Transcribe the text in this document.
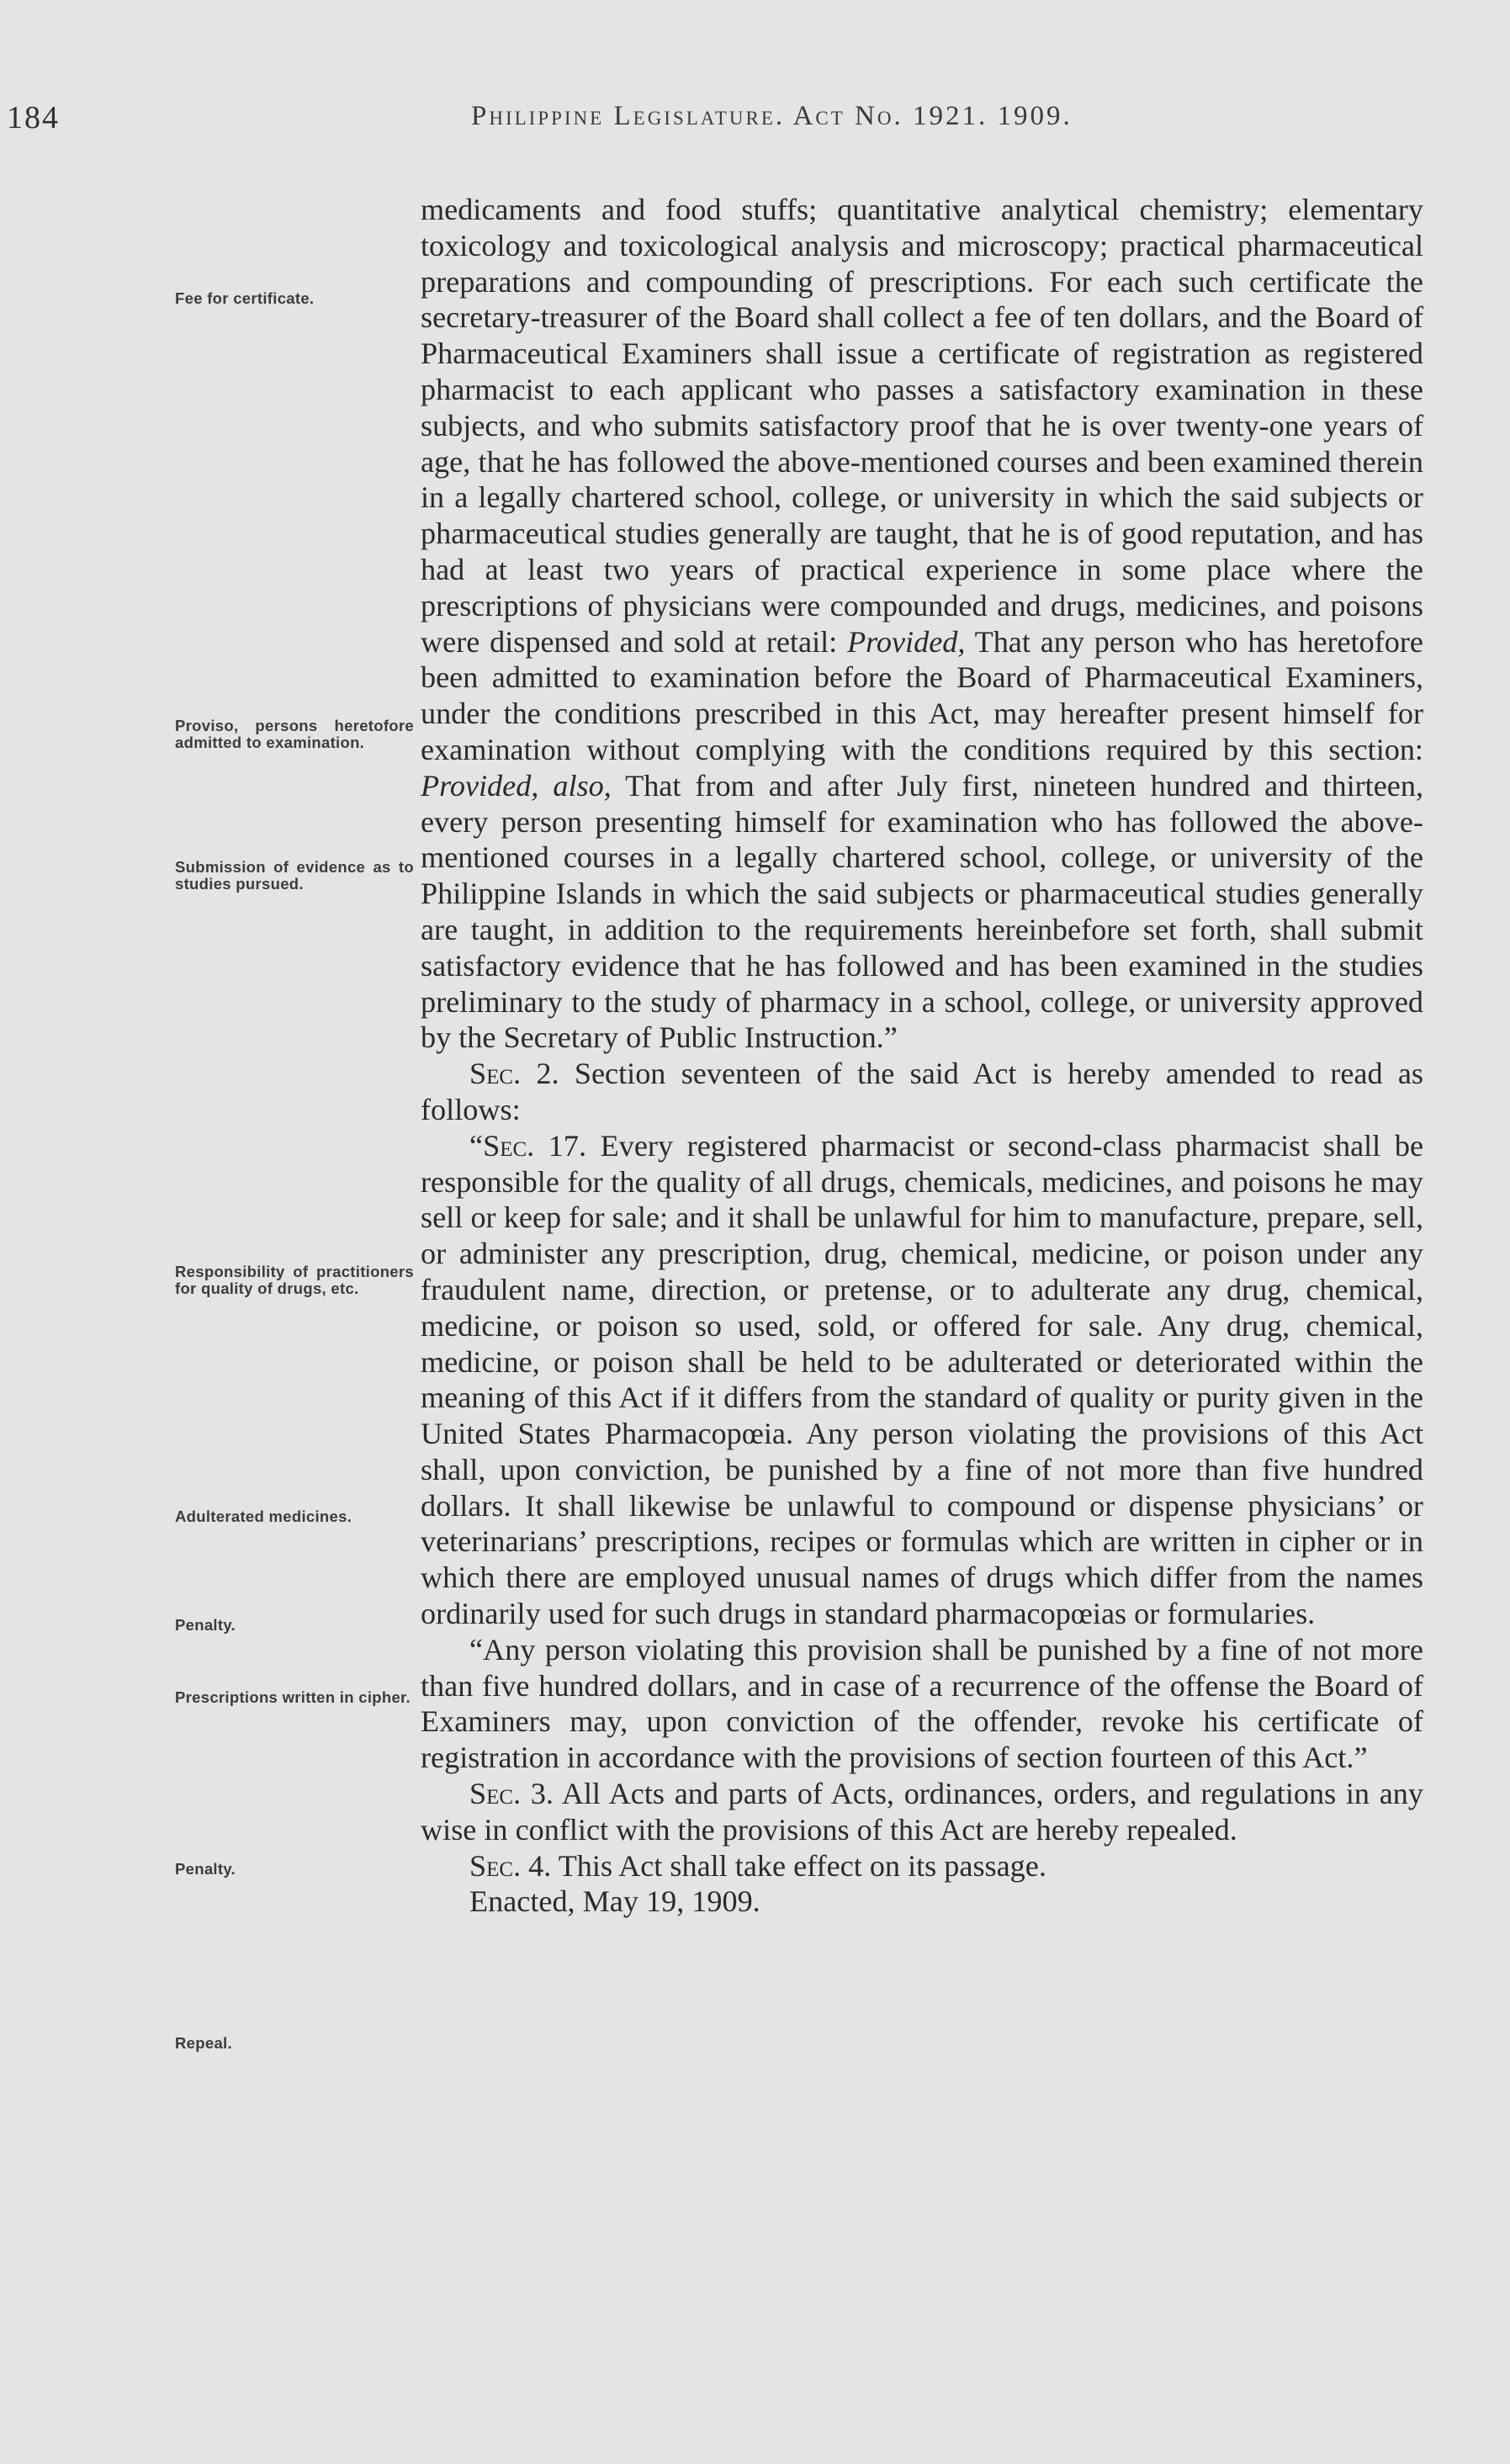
184	Philippine Legislature. Act No. 1921. 1909.
Fee for certificate.
Proviso, persons heretofore admitted to examination.
Submission of evidence as to studies pursued.
Responsibility of practitioners for quality of drugs, etc.
Adulterated medicines.
Penalty.
Prescriptions written in cipher.
Penalty.
Repeal.

medicaments and food stuffs; quantitative analytical chemistry; elementary toxicology and toxicological analysis and microscopy; practical pharmaceutical preparations and compounding of prescriptions. For each such certificate the secretary-treasurer of the Board shall collect a fee of ten dollars, and the Board of Pharmaceutical Examiners shall issue a certificate of registration as registered pharmacist to each applicant who passes a satisfactory examination in these subjects, and who submits satisfactory proof that he is over twenty-one years of age, that he has followed the above-mentioned courses and been examined therein in a legally chartered school, college, or university in which the said subjects or pharmaceutical studies generally are taught, that he is of good reputation, and has had at least two years of practical experience in some place where the prescriptions of physicians were compounded and drugs, medicines, and poisons were dispensed and sold at retail: Provided, That any person who has heretofore been admitted to examination before the Board of Pharmaceutical Examiners, under the conditions prescribed in this Act, may hereafter present himself for examination without complying with the conditions required by this section: Provided, also, That from and after July first, nineteen hundred and thirteen, every person presenting himself for examination who has followed the above-mentioned courses in a legally chartered school, college, or university of the Philippine Islands in which the said subjects or pharmaceutical studies generally are taught, in addition to the requirements hereinbefore set forth, shall submit satisfactory evidence that he has followed and has been examined in the studies preliminary to the study of pharmacy in a school, college, or university approved by the Secretary of Public Instruction.”

Sec. 2. Section seventeen of the said Act is hereby amended to read as follows:

“Sec. 17. Every registered pharmacist or second-class pharmacist shall be responsible for the quality of all drugs, chemicals, medicines, and poisons he may sell or keep for sale; and it shall be unlawful for him to manufacture, prepare, sell, or administer any prescription, drug, chemical, medicine, or poison under any fraudulent name, direction, or pretense, or to adulterate any drug, chemical, medicine, or poison so used, sold, or offered for sale. Any drug, chemical, medicine, or poison shall be held to be adulterated or deteriorated within the meaning of this Act if it differs from the standard of quality or purity given in the United States Pharmacopœia. Any person violating the provisions of this Act shall, upon conviction, be punished by a fine of not more than five hundred dollars. It shall likewise be unlawful to compound or dispense physicians’ or veterinarians’ prescriptions, recipes or formulas which are written in cipher or in which there are employed unusual names of drugs which differ from the names ordinarily used for such drugs in standard pharmacopœias or formularies.

“Any person violating this provision shall be punished by a fine of not more than five hundred dollars, and in case of a recurrence of the offense the Board of Examiners may, upon conviction of the offender, revoke his certificate of registration in accordance with the provisions of section fourteen of this Act.”

Sec. 3. All Acts and parts of Acts, ordinances, orders, and regulations in any wise in conflict with the provisions of this Act are hereby repealed.

Sec. 4. This Act shall take effect on its passage.

Enacted, May 19, 1909.
